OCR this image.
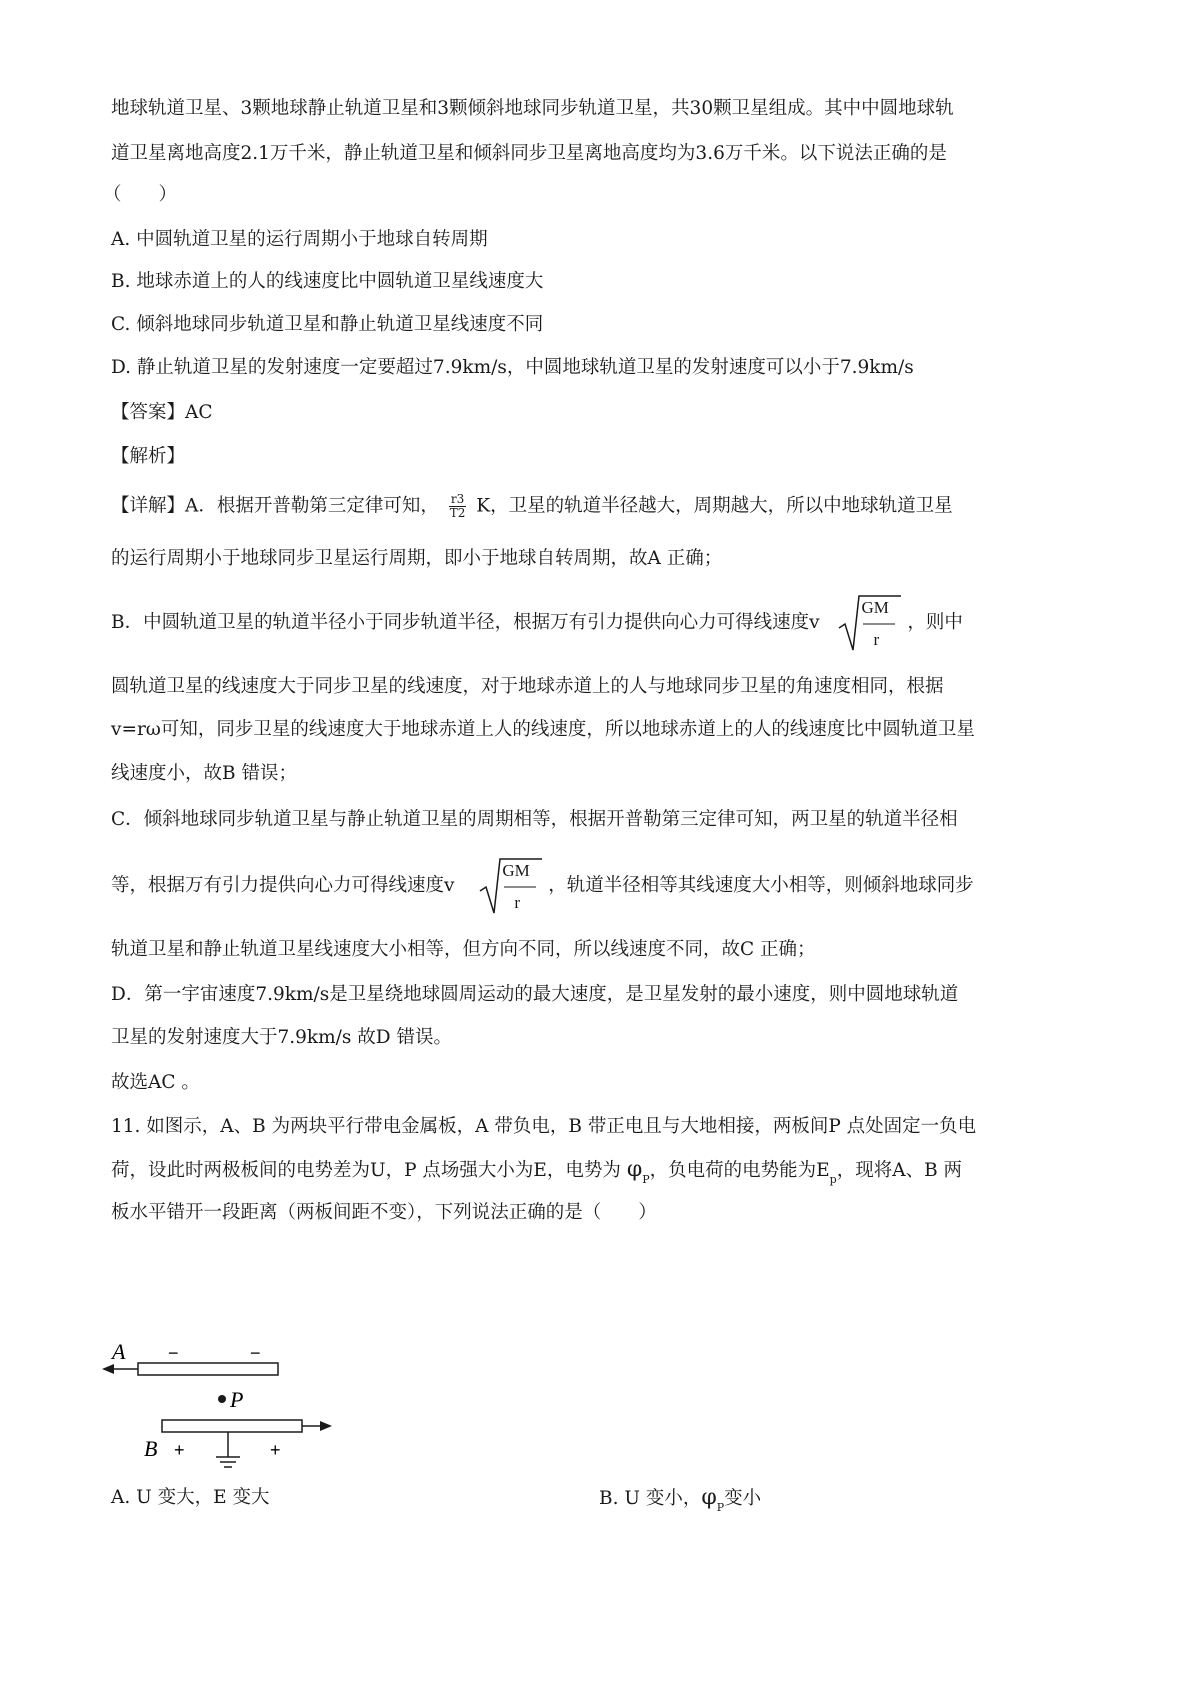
地球轨道卫星、3颗地球静止轨道卫星和3颗倾斜地球同步轨道卫星，共30颗卫星组成。其中中圆地球轨
道卫星离地高度2.1万千米，静止轨道卫星和倾斜同步卫星离地高度均为3.6万千米。以下说法正确的是
（　　）
A. 中圆轨道卫星的运行周期小于地球自转周期
B. 地球赤道上的人的线速度比中圆轨道卫星线速度大
C. 倾斜地球同步轨道卫星和静止轨道卫星线速度不同
D. 静止轨道卫星的发射速度一定要超过7.9km/s，中圆地球轨道卫星的发射速度可以小于7.9km/s
【答案】AC
【解析】
【详解】A．根据开普勒第三定律可知， $\frac{r3}{T2}$ K，卫星的轨道半径越大，周期越大，所以中地球轨道卫星
的运行周期小于地球同步卫星运行周期，即小于地球自转周期，故A 正确；
B．中圆轨道卫星的轨道半径小于同步轨道半径，根据万有引力提供向心力可得线速度v
GM
r
，则中
圆轨道卫星的线速度大于同步卫星的线速度，对于地球赤道上的人与地球同步卫星的角速度相同，根据
v=rω可知，同步卫星的线速度大于地球赤道上人的线速度，所以地球赤道上的人的线速度比中圆轨道卫星
线速度小，故B 错误；
C．倾斜地球同步轨道卫星与静止轨道卫星的周期相等，根据开普勒第三定律可知，两卫星的轨道半径相
等，根据万有引力提供向心力可得线速度v
GM
r
，轨道半径相等其线速度大小相等，则倾斜地球同步
轨道卫星和静止轨道卫星线速度大小相等，但方向不同，所以线速度不同，故C 正确；
D．第一宇宙速度7.9km/s是卫星绕地球圆周运动的最大速度，是卫星发射的最小速度，则中圆地球轨道
卫星的发射速度大于7.9km/s 故D 错误。
故选AC 。
11. 如图示，A、B 为两块平行带电金属板，A 带负电，B 带正电且与大地相接，两板间P 点处固定一负电
荷，设此时两极板间的电势差为U，P 点场强大小为E，电势为 $\varphi_P$，负电荷的电势能为$E_p$，现将A、B 两
板水平错开一段距离（两板间距不变），下列说法正确的是（　　）
A −	−
P
B +	+
A. U 变大，E 变大	B. U 变小，$\varphi_P$变小
